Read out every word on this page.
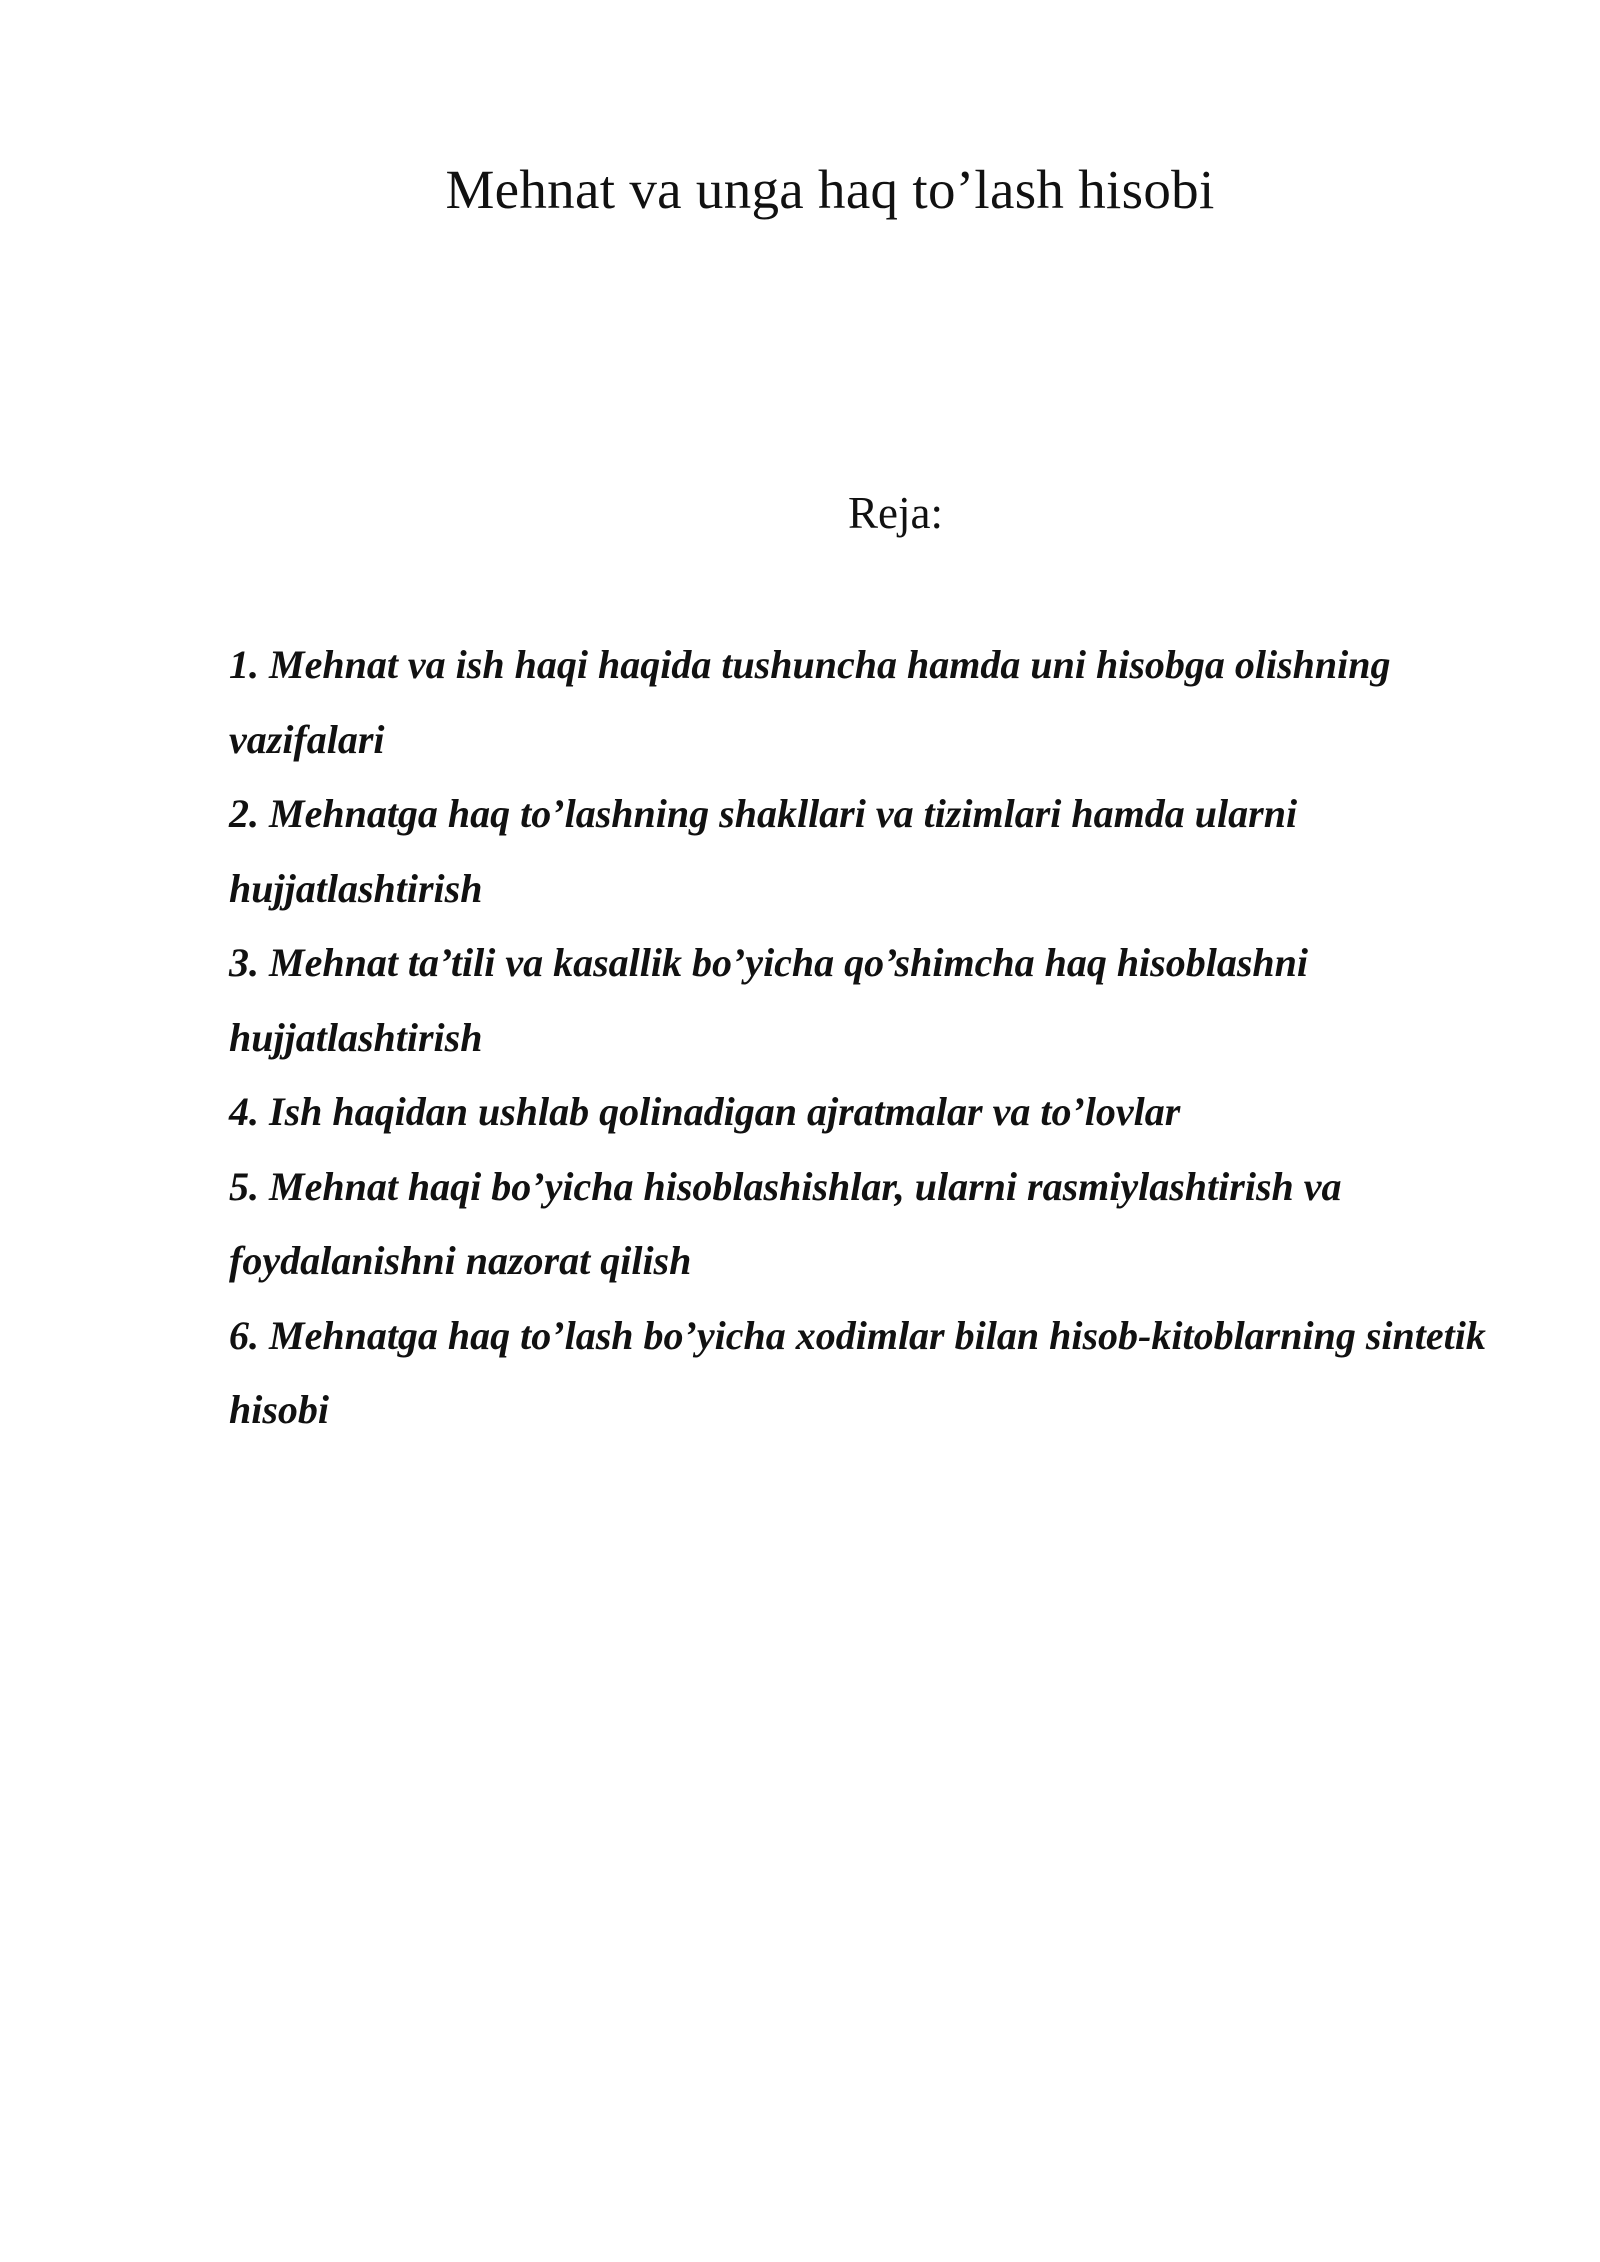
Mehnat va unga haq to’lash hisobi
Reja:
1. Mehnat va ish haqi haqida tushuncha hamda uni hisobga olishning vazifalari
2. Mehnatga haq to’lashning shakllari va tizimlari hamda ularni hujjatlashtirish
3. Mehnat ta’tili va kasallik bo’yicha qo’shimcha haq hisoblashni hujjatlashtirish
4. Ish haqidan ushlab qolinadigan ajratmalar va to’lovlar
5. Mehnat haqi bo’yicha hisoblashishlar, ularni rasmiylashtirish va foydalanishni nazorat qilish
6. Mehnatga haq to’lash bo’yicha xodimlar bilan hisob-kitoblarning sintetik hisobi
